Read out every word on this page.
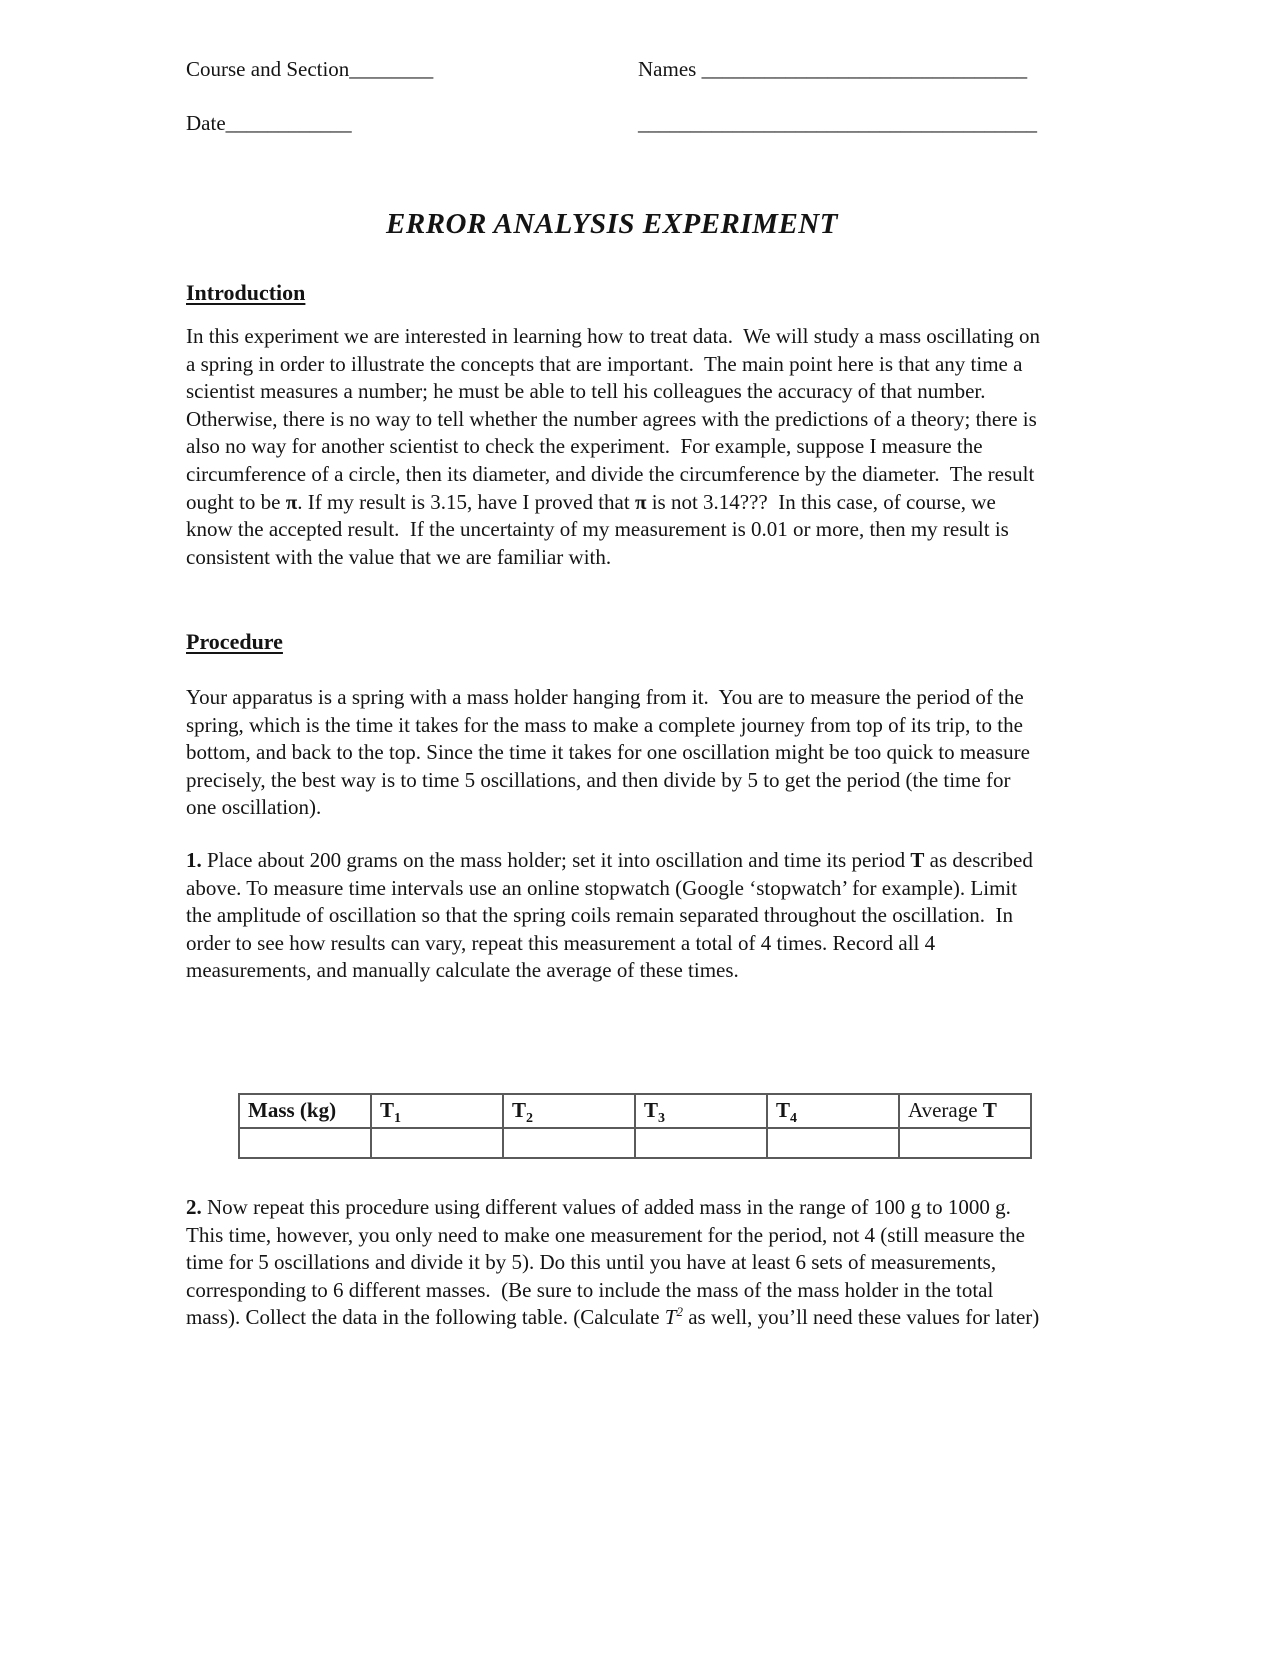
Course and Section________	Names _______________________________
Date____________	______________________________________
ERROR ANALYSIS EXPERIMENT
Introduction

In this experiment we are interested in learning how to treat data.  We will study a mass oscillating on a spring in order to illustrate the concepts that are important.  The main point here is that any time a scientist measures a number; he must be able to tell his colleagues the accuracy of that number.  Otherwise, there is no way to tell whether the number agrees with the predictions of a theory; there is also no way for another scientist to check the experiment.  For example, suppose I measure the circumference of a circle, then its diameter, and divide the circumference by the diameter.  The result ought to be π. If my result is 3.15, have I proved that π is not 3.14???  In this case, of course, we know the accepted result.  If the uncertainty of my measurement is 0.01 or more, then my result is consistent with the value that we are familiar with.

Procedure

Your apparatus is a spring with a mass holder hanging from it.  You are to measure the period of the spring, which is the time it takes for the mass to make a complete journey from top of its trip, to the bottom, and back to the top. Since the time it takes for one oscillation might be too quick to measure precisely, the best way is to time 5 oscillations, and then divide by 5 to get the period (the time for one oscillation).

1. Place about 200 grams on the mass holder; set it into oscillation and time its period T as described above. To measure time intervals use an online stopwatch (Google ‘stopwatch’ for example). Limit the amplitude of oscillation so that the spring coils remain separated throughout the oscillation.  In order to see how results can vary, repeat this measurement a total of 4 times. Record all 4 measurements, and manually calculate the average of these times.

Mass (kg)	$T_1$	$T_2$	$T_3$	$T_4$	Average T

2. Now repeat this procedure using different values of added mass in the range of 100 g to 1000 g.  This time, however, you only need to make one measurement for the period, not 4 (still measure the time for 5 oscillations and divide it by 5). Do this until you have at least 6 sets of measurements, corresponding to 6 different masses.  (Be sure to include the mass of the mass holder in the total mass). Collect the data in the following table. (Calculate $T^2$ as well, you’ll need these values for later)
